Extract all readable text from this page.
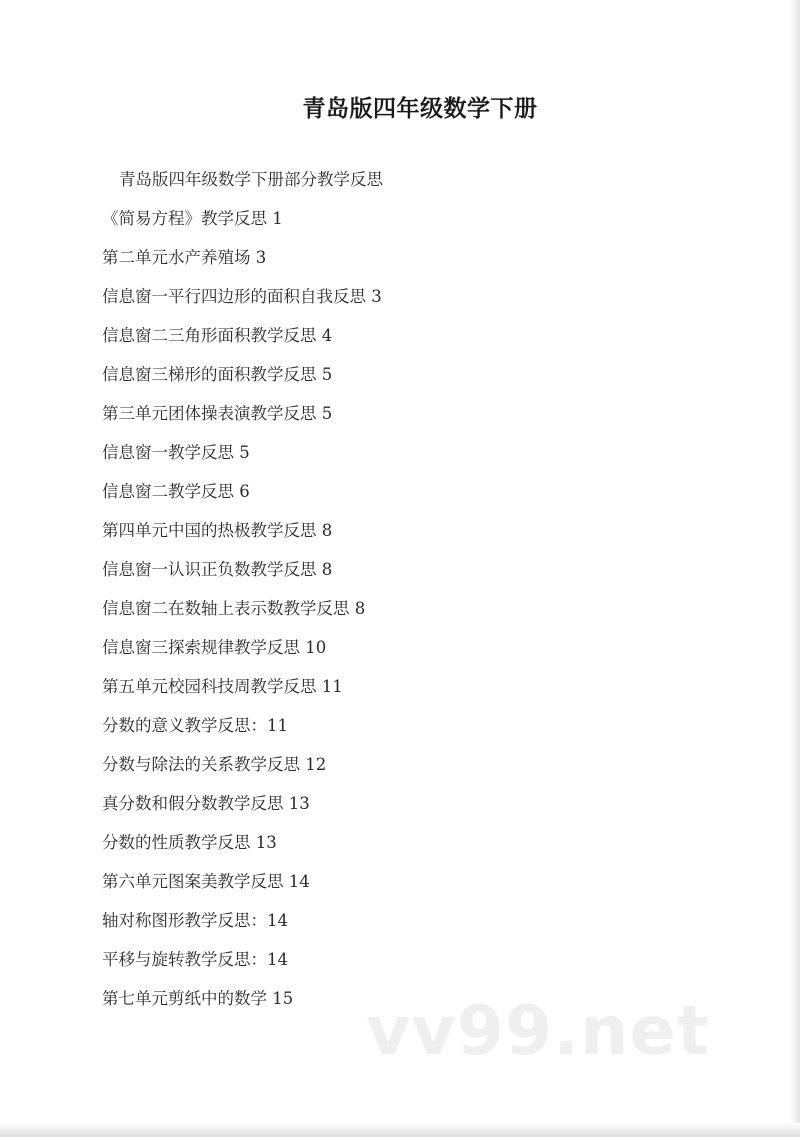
青岛版四年级数学下册
青岛版四年级数学下册部分教学反思
《简易方程》教学反思 1
第二单元水产养殖场 3
信息窗一平行四边形的面积自我反思 3
信息窗二三角形面积教学反思 4
信息窗三梯形的面积教学反思 5
第三单元团体操表演教学反思 5
信息窗一教学反思 5
信息窗二教学反思 6
第四单元中国的热极教学反思 8
信息窗一认识正负数教学反思 8
信息窗二在数轴上表示数教学反思 8
信息窗三探索规律教学反思 10
第五单元校园科技周教学反思 11
分数的意义教学反思：11
分数与除法的关系教学反思 12
真分数和假分数教学反思 13
分数的性质教学反思 13
第六单元图案美教学反思 14
轴对称图形教学反思：14
平移与旋转教学反思：14
第七单元剪纸中的数学 15	vv99.net
